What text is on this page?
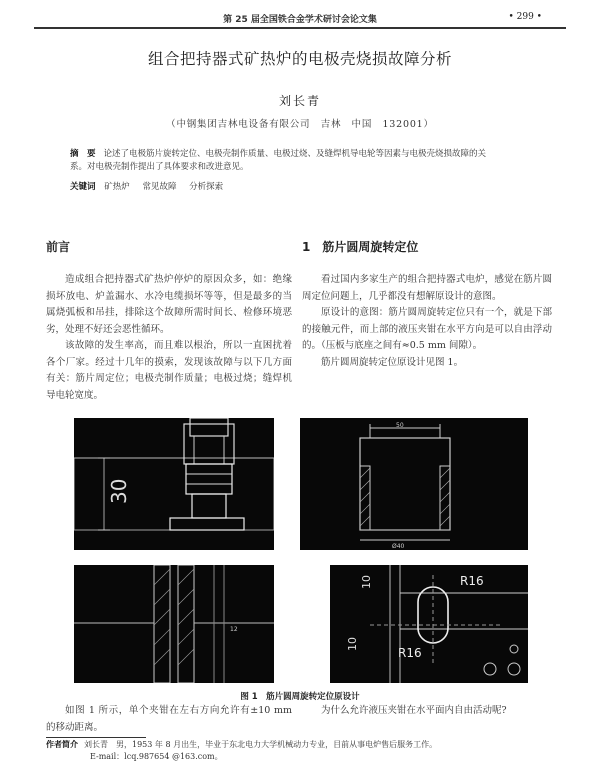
第 25 届全国铁合金学术研讨会论文集	• 299 •
组合把持器式矿热炉的电极壳烧损故障分析
刘长青
（中钢集团吉林电设备有限公司　吉林　中国　132001）
摘　要 论述了电极筋片旋转定位、电极壳制作质量、电极过烧、及缝焊机导电轮等因素与电极壳烧损故障的关
系。对电极壳制作提出了具体要求和改进意见。
关键词 矿热炉 常见故障 分析探索
前言

造成组合把持器式矿热炉停炉的原因众多，如：绝缘损坏放电、炉盖漏水、水冷电缆损坏等等，但是最多的当属烧弧板和吊挂，排除这个故障所需时间长、检修环境恶劣，处理不好还会恶性循环。

该故障的发生率高，而且难以根治，所以一直困扰着各个厂家。经过十几年的摸索，发现该故障与以下几方面有关：筋片周定位；电极壳制作质量；电极过烧；缝焊机导电轮宽度。

1　筋片圆周旋转定位

看过国内多家生产的组合把持器式电炉，感觉在筋片圆周定位问题上，几乎都没有想解原设计的意图。

原设计的意图：筋片圆周旋转定位只有一个，就是下部的接触元件，而上部的液压夹钳在水平方向是可以自由浮动的。（压板与底座之间有≈0.5 mm 间隙）。

筋片圆周旋转定位原设计见图 1。

30
50
Ø40
12
R16
R16
10
10
图 1　筋片圆周旋转定位原设计

如图 1 所示，单个夹钳在左右方向允许有±10 mm 的移动距离。

为什么允许液压夹钳在水平面内自由活动呢?

作者简介 刘长青　男，1953 年 8 月出生，毕业于东北电力大学机械动力专业，目前从事电炉售后服务工作。
E-mail：lcq.987654 @163.com。
